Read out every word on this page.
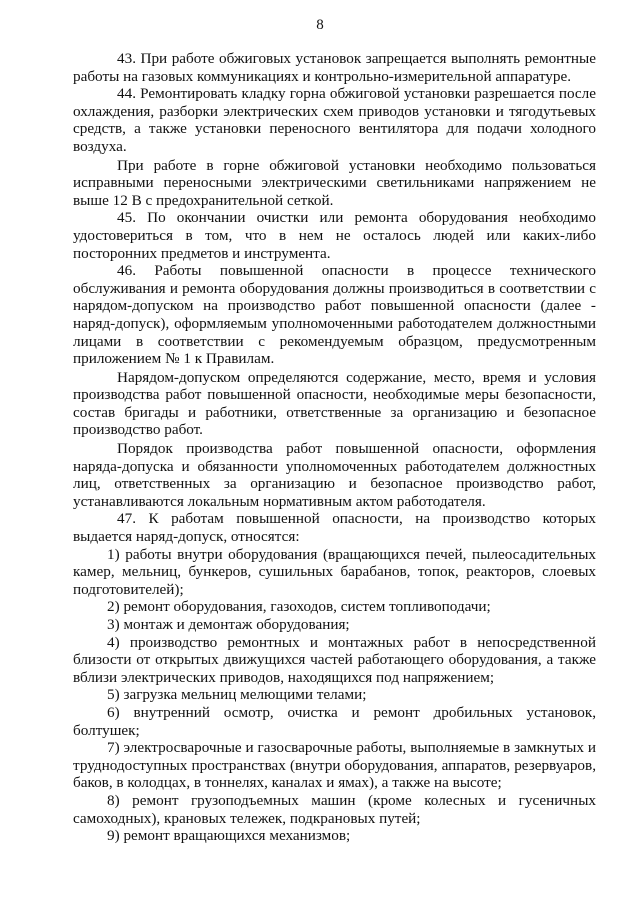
8

43. При работе обжиговых установок запрещается выполнять ремонтные работы на газовых коммуникациях и контрольно-измерительной аппаратуре.

44. Ремонтировать кладку горна обжиговой установки разрешается после охлаждения, разборки электрических схем приводов установки и тягодутьевых средств, а также установки переносного вентилятора для подачи холодного воздуха.

При работе в горне обжиговой установки необходимо пользоваться исправными переносными электрическими светильниками напряжением не выше 12 В с предохранительной сеткой.

45. По окончании очистки или ремонта оборудования необходимо удостовериться в том, что в нем не осталось людей или каких-либо посторонних предметов и инструмента.

46. Работы повышенной опасности в процессе технического обслуживания и ремонта оборудования должны производиться в соответствии с нарядом-допуском на производство работ повышенной опасности (далее - наряд-допуск), оформляемым уполномоченными работодателем должностными лицами в соответствии с рекомендуемым образцом, предусмотренным приложением № 1 к Правилам.

Нарядом-допуском определяются содержание, место, время и условия производства работ повышенной опасности, необходимые меры безопасности, состав бригады и работники, ответственные за организацию и безопасное производство работ.

Порядок производства работ повышенной опасности, оформления наряда-допуска и обязанности уполномоченных работодателем должностных лиц, ответственных за организацию и безопасное производство работ, устанавливаются локальным нормативным актом работодателя.

47. К работам повышенной опасности, на производство которых выдается наряд-допуск, относятся:

1) работы внутри оборудования (вращающихся печей, пылеосадительных камер, мельниц, бункеров, сушильных барабанов, топок, реакторов, слоевых подготовителей);

2) ремонт оборудования, газоходов, систем топливоподачи;

3) монтаж и демонтаж оборудования;

4) производство ремонтных и монтажных работ в непосредственной близости от открытых движущихся частей работающего оборудования, а также вблизи электрических приводов, находящихся под напряжением;

5) загрузка мельниц мелющими телами;

6) внутренний осмотр, очистка и ремонт дробильных установок, болтушек;

7) электросварочные и газосварочные работы, выполняемые в замкнутых и труднодоступных пространствах (внутри оборудования, аппаратов, резервуаров, баков, в колодцах, в тоннелях, каналах и ямах), а также на высоте;

8) ремонт грузоподъемных машин (кроме колесных и гусеничных самоходных), крановых тележек, подкрановых путей;

9) ремонт вращающихся механизмов;
